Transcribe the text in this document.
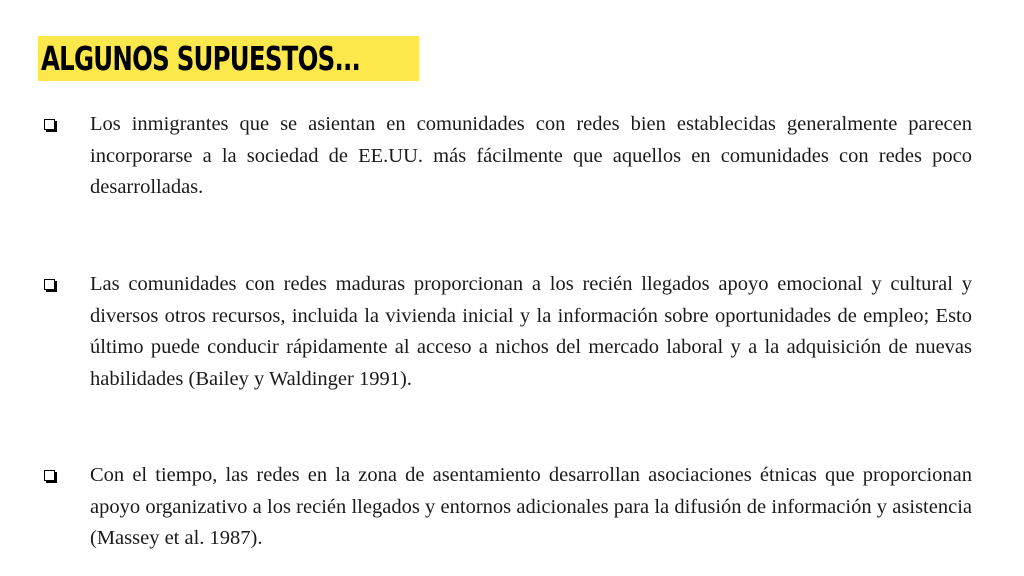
ALGUNOS SUPUESTOS...
Los inmigrantes que se asientan en comunidades con redes bien establecidas generalmente parecen incorporarse a la sociedad de EE.UU. más fácilmente que aquellos en comunidades con redes poco desarrolladas.
Las comunidades con redes maduras proporcionan a los recién llegados apoyo emocional y cultural y diversos otros recursos, incluida la vivienda inicial y la información sobre oportunidades de empleo; Esto último puede conducir rápidamente al acceso a nichos del mercado laboral y a la adquisición de nuevas habilidades (Bailey y Waldinger 1991).
Con el tiempo, las redes en la zona de asentamiento desarrollan asociaciones étnicas que proporcionan apoyo organizativo a los recién llegados y entornos adicionales para la difusión de información y asistencia (Massey et al. 1987).
